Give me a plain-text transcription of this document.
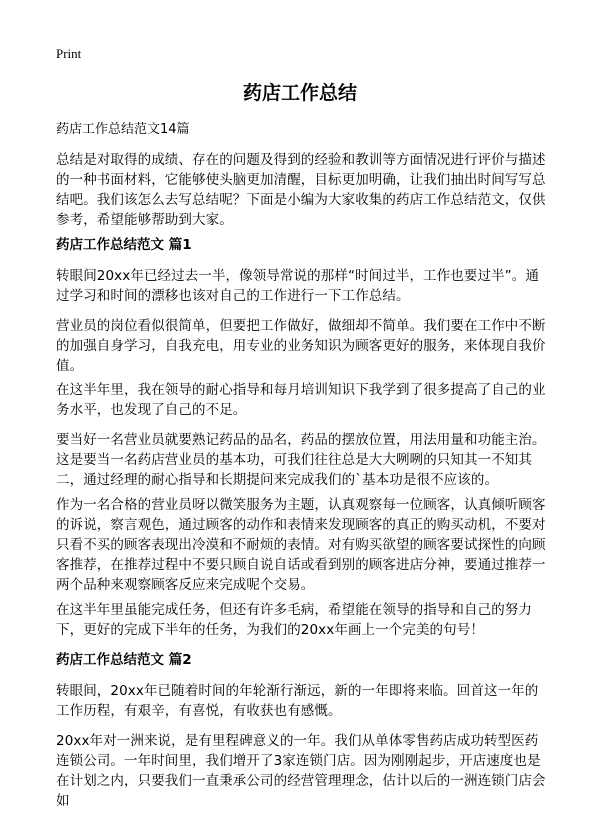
Print
药店工作总结
药店工作总结范文14篇

总结是对取得的成绩、存在的问题及得到的经验和教训等方面情况进行评价与描述的一种书面材料，它能够使头脑更加清醒，目标更加明确，让我们抽出时间写写总结吧。我们该怎么去写总结呢？下面是小编为大家收集的药店工作总结范文，仅供参考，希望能够帮助到大家。

药店工作总结范文 篇1

转眼间20xx年已经过去一半，像领导常说的那样“时间过半，工作也要过半”。通过学习和时间的漂移也该对自己的工作进行一下工作总结。

营业员的岗位看似很简单，但要把工作做好，做细却不简单。我们要在工作中不断的加强自身学习，自我充电，用专业的业务知识为顾客更好的服务，来体现自我价值。

在这半年里，我在领导的耐心指导和每月培训知识下我学到了很多提高了自己的业务水平，也发现了自己的不足。

要当好一名营业员就要熟记药品的品名，药品的摆放位置，用法用量和功能主治。这是要当一名药店营业员的基本功，可我们往往总是大大咧咧的只知其一不知其二，通过经理的耐心指导和长期提问来完成我们的`基本功是很不应该的。

作为一名合格的营业员呀以微笑服务为主题，认真观察每一位顾客，认真倾听顾客的诉说，察言观色，通过顾客的动作和表情来发现顾客的真正的购买动机，不要对只看不买的顾客表现出冷漠和不耐烦的表情。对有购买欲望的顾客要试探性的向顾客推荐，在推荐过程中不要只顾自说自话或看到别的顾客进店分神，要通过推荐一两个品种来观察顾客反应来完成呢个交易。

在这半年里虽能完成任务，但还有许多毛病，希望能在领导的指导和自己的努力下，更好的完成下半年的任务，为我们的20xx年画上一个完美的句号！

药店工作总结范文 篇2

转眼间，20xx年已随着时间的年轮渐行渐远，新的一年即将来临。回首这一年的工作历程，有艰辛，有喜悦，有收获也有感慨。

20xx年对一洲来说，是有里程碑意义的一年。我们从单体零售药店成功转型医药连锁公司。一年时间里，我们增开了3家连锁门店。因为刚刚起步，开店速度也是在计划之内，只要我们一直秉承公司的经营管理理念，估计以后的一洲连锁门店会如
